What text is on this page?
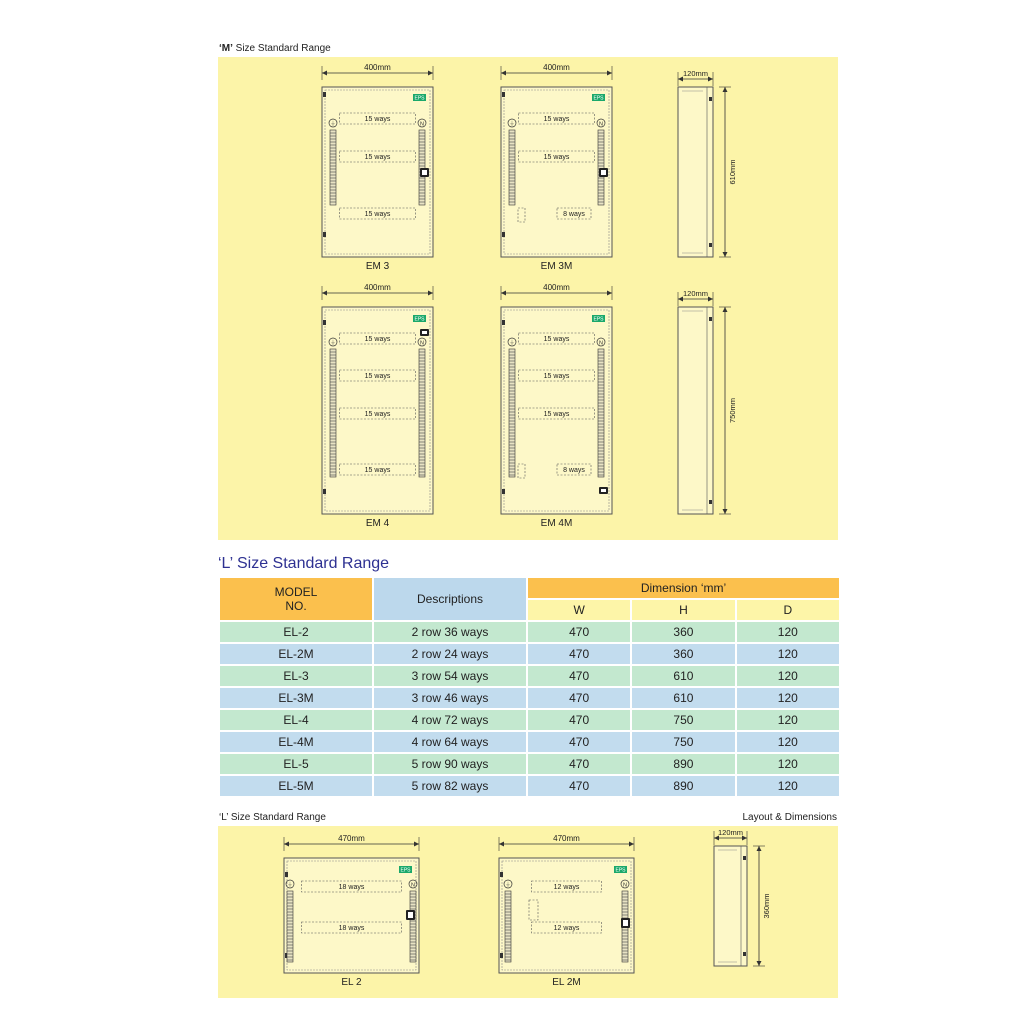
‘M’ Size Standard Range
400mm
EPS
⏚	N
15 ways
15 ways
15 ways
EM 3
400mm
EPS
⏚	N
15 ways
15 ways
8 ways
EM 3M
400mm
EPS
⏚	N
15 ways
15 ways
15 ways
15 ways
EM 4
400mm
EPS
⏚	N
15 ways
15 ways
15 ways
8 ways
EM 4M
120mm
610mm
120mm
750mm
‘L’ Size Standard Range
MODEL
NO.	Descriptions	Dimension ‘mm’		
		W	H	D
EL-2	2 row 36 ways	470	360	120
EL-2M	2 row 24 ways	470	360	120
EL-3	3 row 54 ways	470	610	120
EL-3M	3 row 46 ways	470	610	120
EL-4	4 row 72 ways	470	750	120
EL-4M	4 row 64 ways	470	750	120
EL-5	5 row 90 ways	470	890	120
EL-5M	5 row 82 ways	470	890	120
‘L’ Size Standard Range	Layout & Dimensions
470mm
EPS
⏚	N
18 ways
18 ways
EL 2
470mm
EPS
⏚	N
12 ways
12 ways
EL 2M
120mm
360mm
